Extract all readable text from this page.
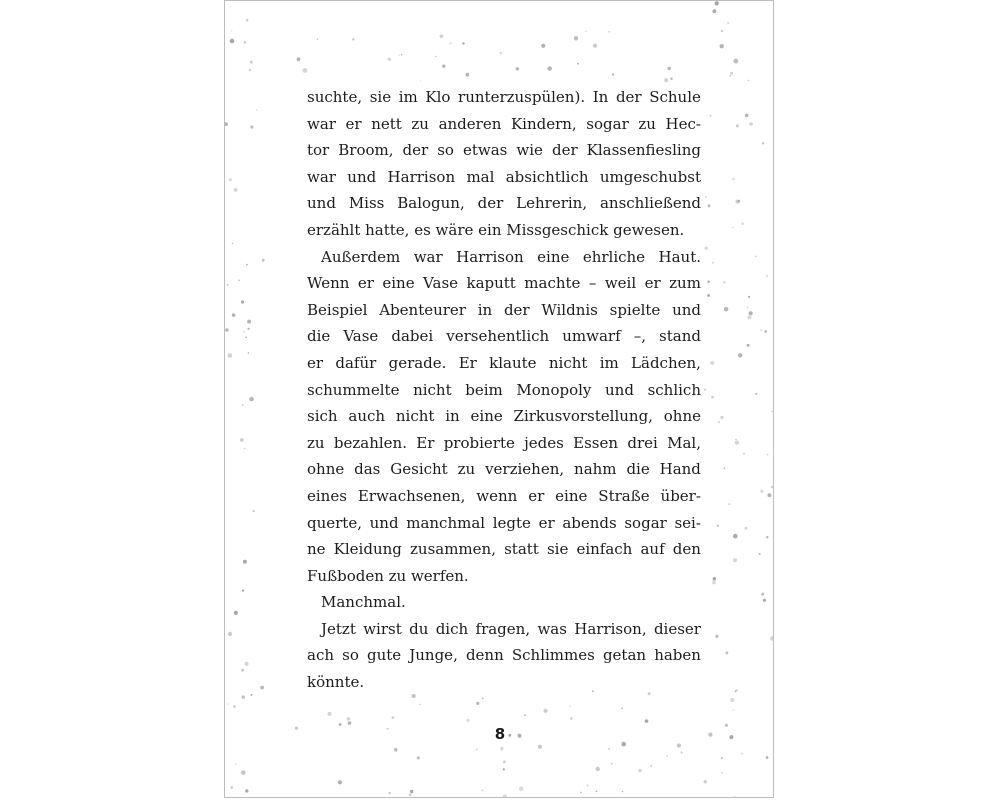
suchte, sie im Klo runterzuspülen). In der Schule
war er nett zu anderen Kindern, sogar zu Hec-
tor Broom, der so etwas wie der Klassenfiesling
war und Harrison mal absichtlich umgeschubst
und Miss Balogun, der Lehrerin, anschließend
erzählt hatte, es wäre ein Missgeschick gewesen.
Außerdem war Harrison eine ehrliche Haut.
Wenn er eine Vase kaputt machte – weil er zum
Beispiel Abenteurer in der Wildnis spielte und
die Vase dabei versehentlich umwarf –, stand
er dafür gerade. Er klaute nicht im Lädchen,
schummelte nicht beim Monopoly und schlich
sich auch nicht in eine Zirkusvorstellung, ohne
zu bezahlen. Er probierte jedes Essen drei Mal,
ohne das Gesicht zu verziehen, nahm die Hand
eines Erwachsenen, wenn er eine Straße über-
querte, und manchmal legte er abends sogar sei-
ne Kleidung zusammen, statt sie einfach auf den
Fußboden zu werfen.
Manchmal.
Jetzt wirst du dich fragen, was Harrison, dieser
ach so gute Junge, denn Schlimmes getan haben
könnte.
8
